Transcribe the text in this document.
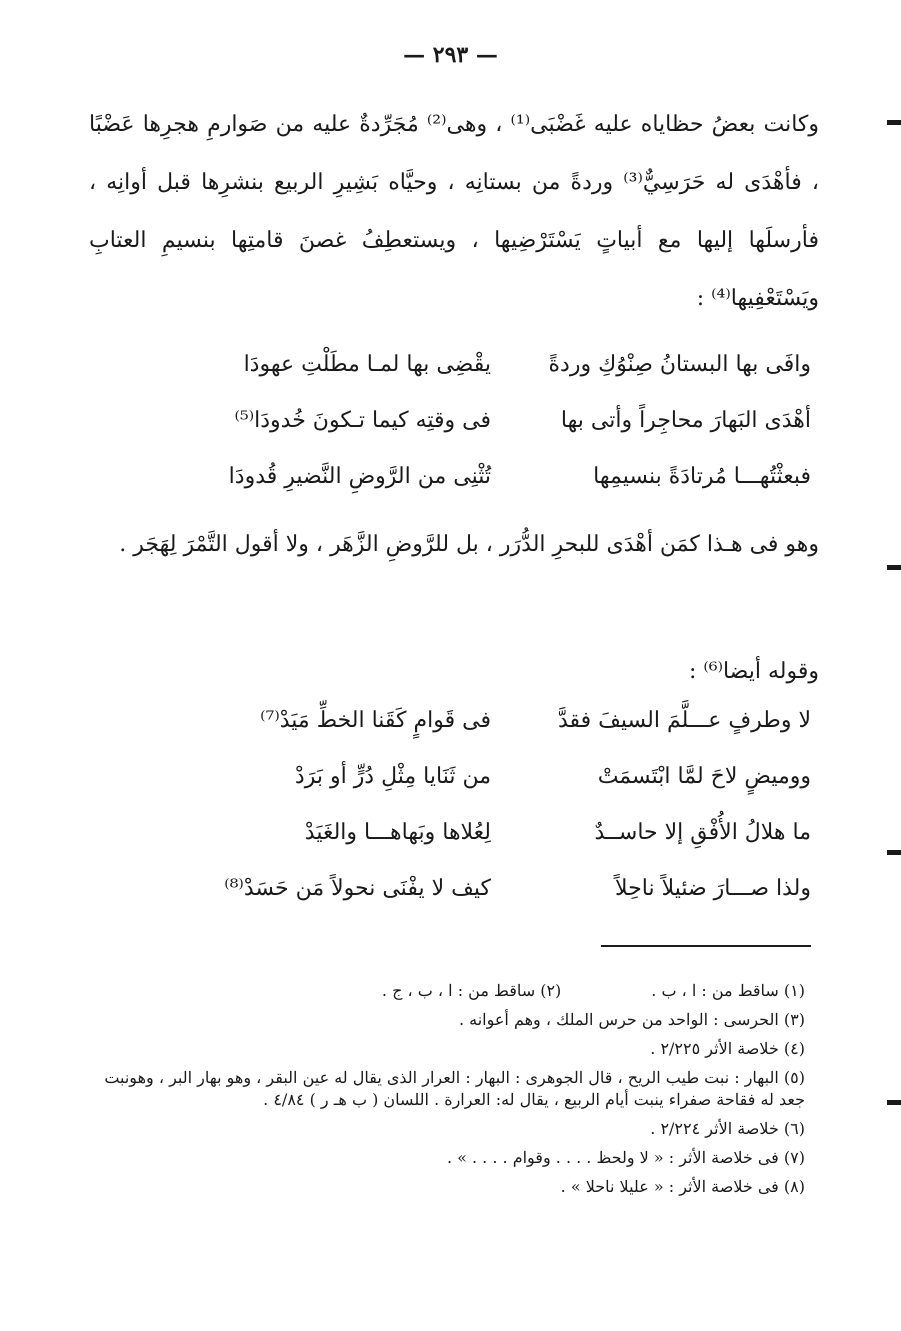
— ٢٩٣ —

وكانت بعضُ حظاياه عليه غَضْبَى⁽¹⁾ ، وهى⁽²⁾ مُجَرِّدةٌ عليه من صَوارمِ هجرِها عَضْبًا ، فأهْدَى له حَرَسِيٌّ⁽³⁾ وردةً من بستانِه ، وحيَّاه بَشِيرِ الربيع بنشرِها قبل أوانِه ، فأرسلَها إليها مع أبياتٍ يَسْتَرْضِيها ، ويستعطِفُ غصنَ قامتِها بنسيمِ العتابِ ويَسْتَعْفِيها⁽⁴⁾ :

وافَى بها البستانُ صِنْوُكِ وردةً
يقْضِى بها لمـا مطَلْتِ عهودَا
أهْدَى البَهارَ محاجِراً وأتى بها
فى وقتِه كيما تـكونَ خُدودَا⁽⁵⁾
فبعثْتُهـــا مُرتادَةً بنسيمِها
تُثْنِى من الرَّوضِ النَّضيرِ قُدودَا

وهو فى هـذا كمَن أهْدَى للبحرِ الدُّرَر ، بل للرَّوضِ الزَّهَر ، ولا أقول التَّمْرَ لِهَجَر .

وقوله أيضا⁽⁶⁾ :

لا وطرفٍ عـــلَّمَ السيفَ فقدَّ
فى قَوامٍ كَقَنا الخطِّ مَيَدْ⁽⁷⁾
ووميضٍ لاحَ لمَّا ابْتَسمَتْ
من ثَنَايا مِثْلِ دُرٍّ أو بَرَدْ
ما هلالُ الأُفْقِ إلا حاســدٌ
لِعُلاها وبَهاهـــا والغَيَدْ
ولذا صـــارَ ضئيلاً ناحِلاً
كيف لا يفْنَى نحولاً مَن حَسَدْ⁽⁸⁾
(١) ساقط من : ا ، ب .
(٢) ساقط من : ا ، ب ، ج .
(٣) الحرسى : الواحد من حرس الملك ، وهم أعوانه .
(٤) خلاصة الأثر ٢/٢٢٥ .
(٥) البهار : نبت طيب الريح ، قال الجوهرى : البهار : العرار الذى يقال له عين البقر ، وهو بهار البر ، وهونبت جعد له فقاحة صفراء ينبت أيام الربيع ، يقال له: العرارة . اللسان ( ب هـ ر ) ٤/٨٤ .
(٦) خلاصة الأثر ٢/٢٢٤ .
(٧) فى خلاصة الأثر : « لا ولحظ . . . . وقوام . . . . » .
(٨) فى خلاصة الأثر : « عليلا ناحلا » .
